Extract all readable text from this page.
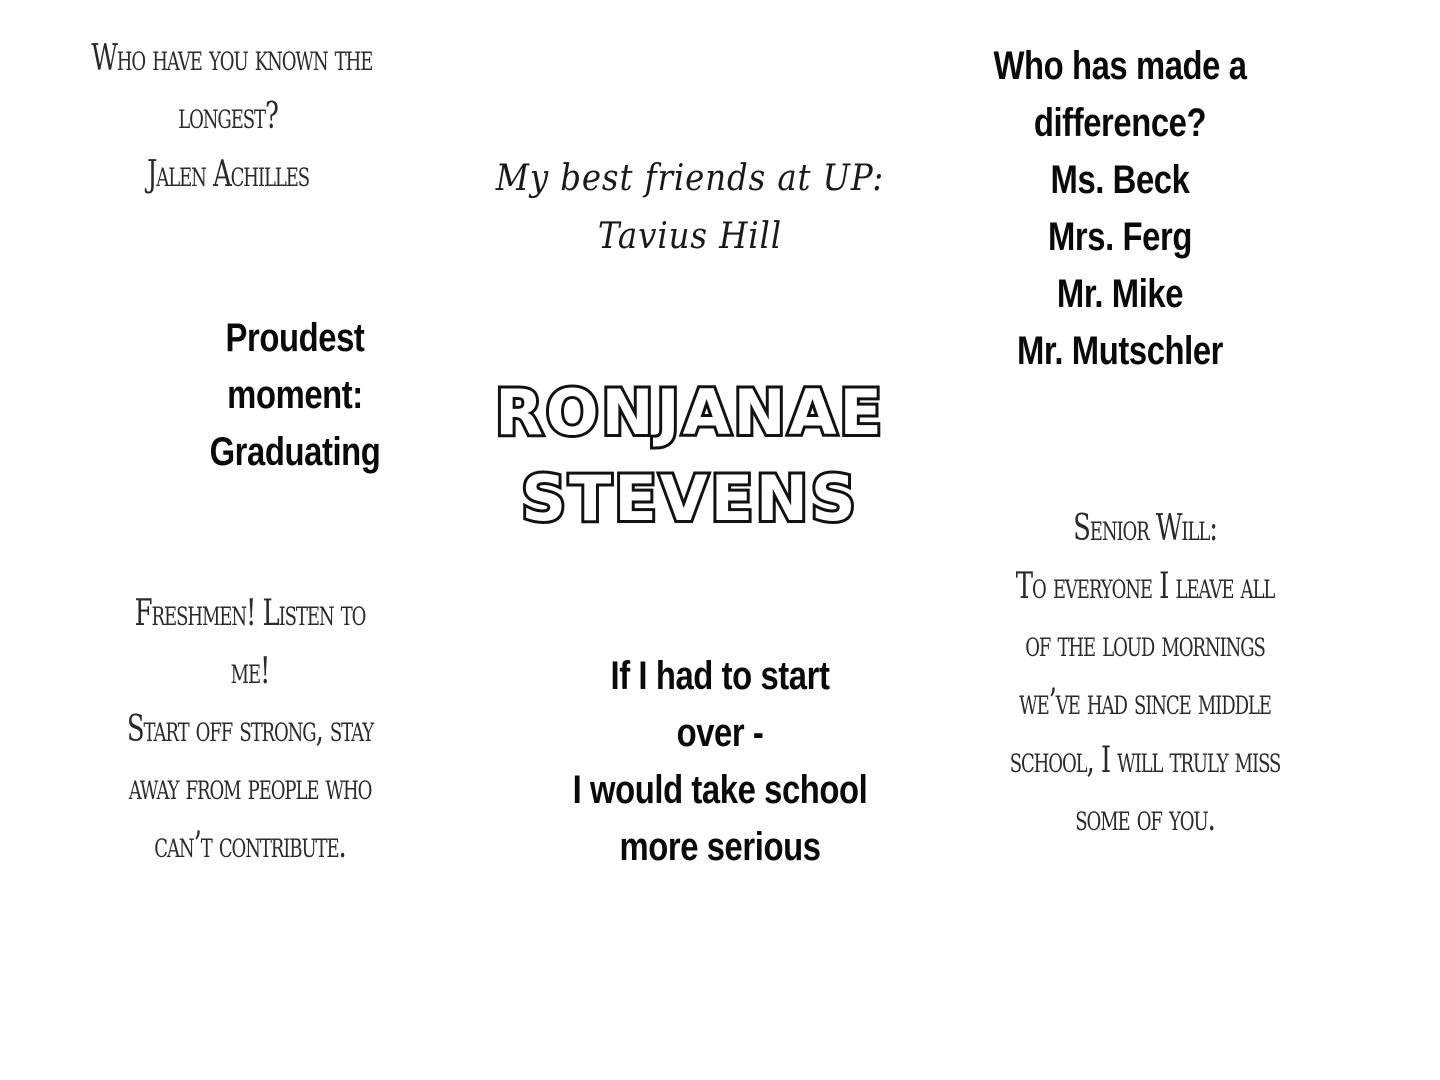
Who have you known the
longest?
Jalen Achilles	My best friends at UP:
Tavius Hill
Who has made a
difference?
Ms. Beck
Mrs. Ferg
Mr. Mike
Mr. Mutschler
Proudest
moment:
Graduating
RONJANAE
STEVENS
Freshmen! Listen to
me!
Start off strong, stay
away from people who
can’t contribute.
If I had to start
over -
I would take school
more serious
Senior Will:
To everyone I leave all
of the loud mornings
we’ve had since middle
school, I will truly miss
some of you.
